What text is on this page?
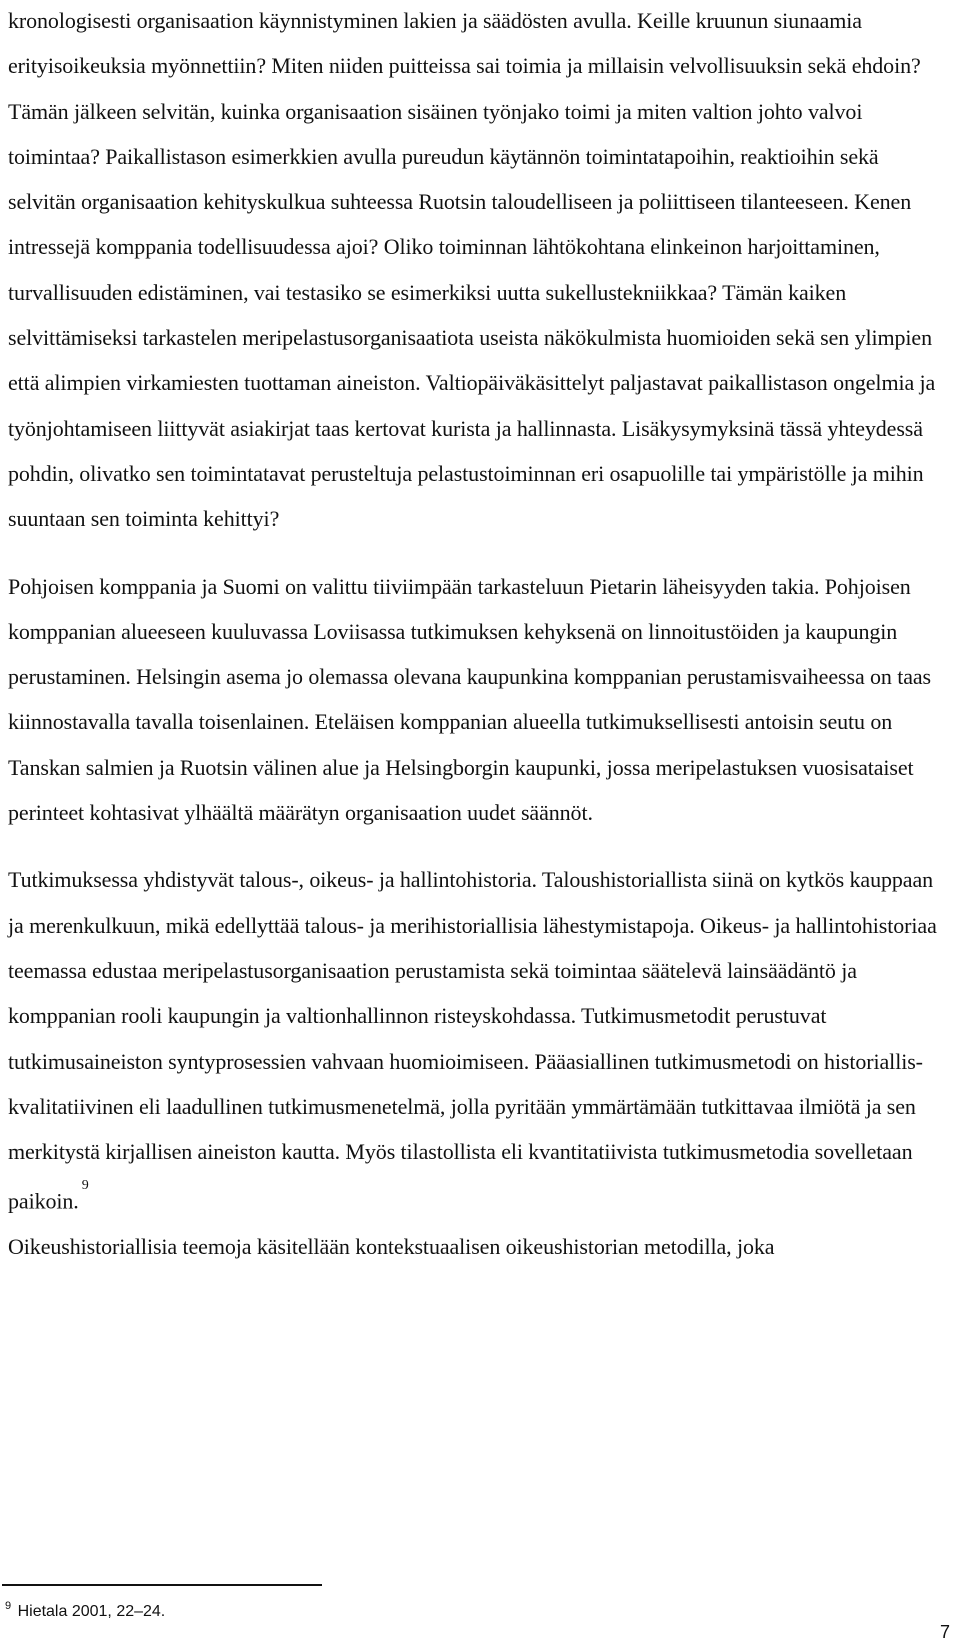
kronologisesti organisaation käynnistyminen lakien ja säädösten avulla. Keille kruunun siunaamia erityisoikeuksia myönnettiin? Miten niiden puitteissa sai toimia ja millaisin velvollisuuksin sekä ehdoin? Tämän jälkeen selvitän, kuinka organisaation sisäinen työnjako toimi ja miten valtion johto valvoi toimintaa? Paikallistason esimerkkien avulla pureudun käytännön toimintatapoihin, reaktioihin sekä selvitän organisaation kehityskulkua suhteessa Ruotsin taloudelliseen ja poliittiseen tilanteeseen. Kenen intressejä komppania todellisuudessa ajoi? Oliko toiminnan lähtökohtana elinkeinon harjoittaminen, turvallisuuden edistäminen, vai testasiko se esimerkiksi uutta sukellustekniikkaa? Tämän kaiken selvittämiseksi tarkastelen meripelastusorganisaatiota useista näkökulmista huomioiden sekä sen ylimpien että alimpien virkamiesten tuottaman aineiston. Valtiopäiväkäsittelyt paljastavat paikallistason ongelmia ja työnjohtamiseen liittyvät asiakirjat taas kertovat kurista ja hallinnasta. Lisäkysymyksinä tässä yhteydessä pohdin, olivatko sen toimintatavat perusteltuja pelastustoiminnan eri osapuolille tai ympäristölle ja mihin suuntaan sen toiminta kehittyi?

Pohjoisen komppania ja Suomi on valittu tiiviimpään tarkasteluun Pietarin läheisyyden takia. Pohjoisen komppanian alueeseen kuuluvassa Loviisassa tutkimuksen kehyksenä on linnoitustöiden ja kaupungin perustaminen. Helsingin asema jo olemassa olevana kaupunkina komppanian perustamisvaiheessa on taas kiinnostavalla tavalla toisenlainen. Eteläisen komppanian alueella tutkimuksellisesti antoisin seutu on Tanskan salmien ja Ruotsin välinen alue ja Helsingborgin kaupunki, jossa meripelastuksen vuosisataiset perinteet kohtasivat ylhäältä määrätyn organisaation uudet säännöt.

Tutkimuksessa yhdistyvät talous-, oikeus- ja hallintohistoria. Taloushistoriallista siinä on kytkös kauppaan ja merenkulkuun, mikä edellyttää talous- ja merihistoriallisia lähestymistapoja. Oikeus- ja hallintohistoriaa teemassa edustaa meripelastusorganisaation perustamista sekä toimintaa säätelevä lainsäädäntö ja komppanian rooli kaupungin ja valtionhallinnon risteyskohdassa. Tutkimusmetodit perustuvat tutkimusaineiston syntyprosessien vahvaan huomioimiseen. Pääasiallinen tutkimusmetodi on historiallis-kvalitatiivinen eli laadullinen tutkimusmenetelmä, jolla pyritään ymmärtämään tutkittavaa ilmiötä ja sen merkitystä kirjallisen aineiston kautta. Myös tilastollista eli kvantitatiivista tutkimusmetodia sovelletaan paikoin.$^9$
Oikeushistoriallisia teemoja käsitellään kontekstuaalisen oikeushistorian metodilla, joka

$^9$ Hietala 2001, 22–24.
7
